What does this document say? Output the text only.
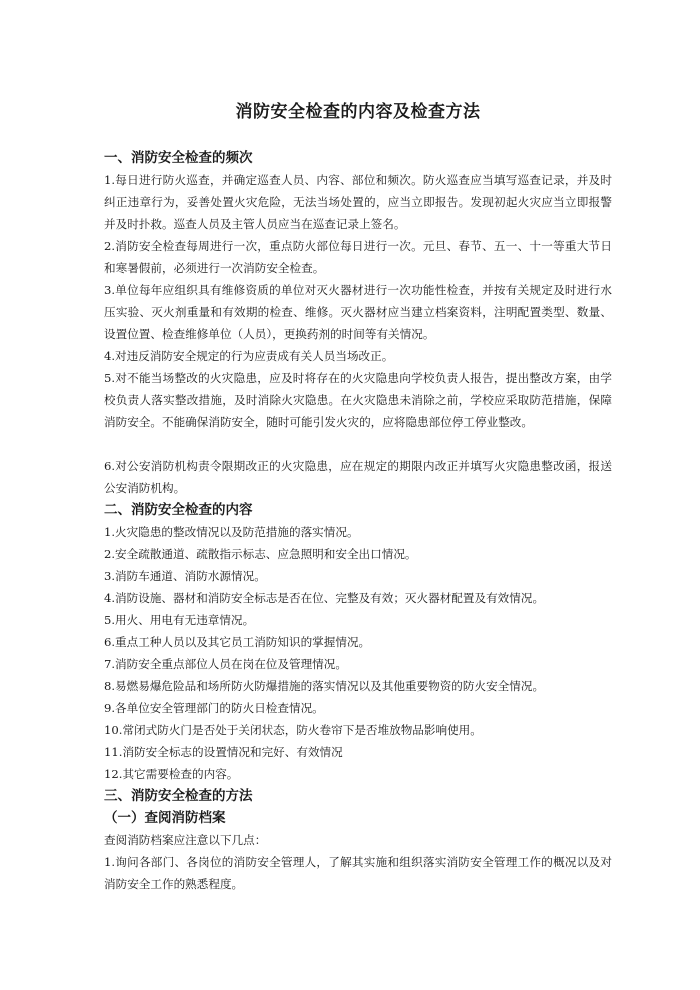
消防安全检查的内容及检查方法
一、消防安全检查的频次
1.每日进行防火巡查，并确定巡查人员、内容、部位和频次。防火巡查应当填写巡查记录，并及时纠正违章行为，妥善处置火灾危险，无法当场处置的，应当立即报告。发现初起火灾应当立即报警并及时扑救。巡查人员及主管人员应当在巡查记录上签名。
2.消防安全检查每周进行一次，重点防火部位每日进行一次。元旦、春节、五一、十一等重大节日和寒暑假前，必须进行一次消防安全检查。
3.单位每年应组织具有维修资质的单位对灭火器材进行一次功能性检查，并按有关规定及时进行水压实验、灭火剂重量和有效期的检查、维修。灭火器材应当建立档案资料，注明配置类型、数量、设置位置、检查维修单位（人员），更换药剂的时间等有关情况。
4.对违反消防安全规定的行为应责成有关人员当场改正。
5.对不能当场整改的火灾隐患，应及时将存在的火灾隐患向学校负责人报告，提出整改方案，由学校负责人落实整改措施，及时消除火灾隐患。在火灾隐患未消除之前，学校应采取防范措施，保障消防安全。不能确保消防安全，随时可能引发火灾的，应将隐患部位停工停业整改。
6.对公安消防机构责令限期改正的火灾隐患，应在规定的期限内改正并填写火灾隐患整改函，报送公安消防机构。
二、消防安全检查的内容
1.火灾隐患的整改情况以及防范措施的落实情况。
2.安全疏散通道、疏散指示标志、应急照明和安全出口情况。
3.消防车通道、消防水源情况。
4.消防设施、器材和消防安全标志是否在位、完整及有效；灭火器材配置及有效情况。
5.用火、用电有无违章情况。
6.重点工种人员以及其它员工消防知识的掌握情况。
7.消防安全重点部位人员在岗在位及管理情况。
8.易燃易爆危险品和场所防火防爆措施的落实情况以及其他重要物资的防火安全情况。
9.各单位安全管理部门的防火日检查情况。
10.常闭式防火门是否处于关闭状态，防火卷帘下是否堆放物品影响使用。
11.消防安全标志的设置情况和完好、有效情况
12.其它需要检查的内容。
三、消防安全检查的方法
（一）查阅消防档案
查阅消防档案应注意以下几点：
1.询问各部门、各岗位的消防安全管理人，了解其实施和组织落实消防安全管理工作的概况以及对消防安全工作的熟悉程度。
